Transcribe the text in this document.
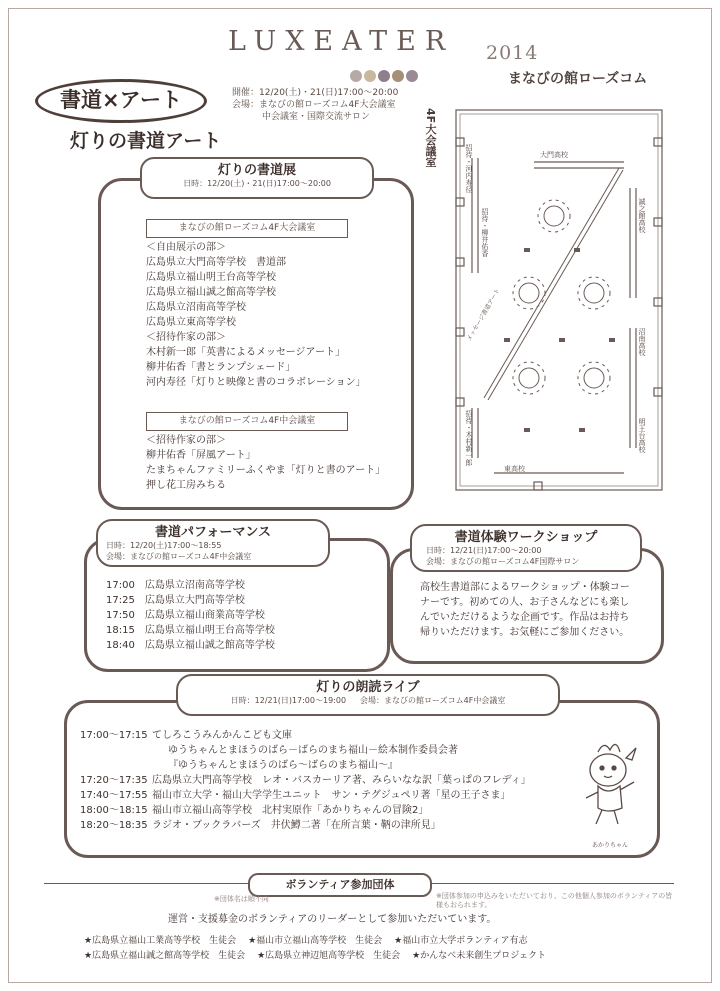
LUXEATER 2014
まなびの館ローズコム
書道×アート	開催：12/20(土)・21(日)17:00～20:00
会場：まなびの館ローズコム4F大会議室
中会議室・国際交流サロン
灯りの書道アート
灯りの書道展
日時：12/20(土)・21(日)17:00～20:00
まなびの館ローズコム4F大会議室
＜自由展示の部＞
広島県立大門高等学校　書道部
広島県立福山明王台高等学校
広島県立福山誠之館高等学校
広島県立沼南高等学校
広島県立東高等学校
＜招待作家の部＞
木村新一郎「英書によるメッセージアート」
柳井佑香「書とランプシェード」
河内寿径「灯りと映像と書のコラボレーション」
まなびの館ローズコム4F中会議室
＜招待作家の部＞
柳井佑香「屏風アート」
たまちゃんファミリーふくやま「灯りと書のアート」
押し花工房みちる
4F大会議室
招待・河内寿径	大門高校
誠之館高校
招待・柳井佑香
メッセージ書道アート	沼南高校
明王台高校
招待・木村新一郎
東高校
書道パフォーマンス
日時：12/20(土)17:00～18:55
会場：まなびの館ローズコム4F中会議室
17:00 広島県立沼南高等学校
17:25 広島県立大門高等学校
17:50 広島県立福山商業高等学校
18:15 広島県立福山明王台高等学校
18:40 広島県立福山誠之館高等学校
書道体験ワークショップ
日時：12/21(日)17:00～20:00
会場：まなびの館ローズコム4F国際サロン
高校生書道部によるワークショップ・体験コー
ナーです。初めての人、お子さんなどにも楽し
んでいただけるような企画です。作品はお持ち
帰りいただけます。お気軽にご参加ください。
灯りの朗読ライブ
日時：12/21(日)17:00～19:00 会場：まなびの館ローズコム4F中会議室
17:00～17:15 てしろこうみんかんこども文庫
ゆうちゃんとまほうのばら－ばらのまち福山－絵本制作委員会著
『ゆうちゃんとまほうのばら～ばらのまち福山～』
17:20～17:35 広島県立大門高等学校　レオ・バスカーリア著、みらいなな訳「葉っぱのフレディ」
17:40～17:55 福山市立大学・福山大学学生ユニット　サン・テグジュペリ著「星の王子さま」
18:00～18:15 福山市立福山高等学校　北村実原作「あかりちゃんの冒険2」
18:20～18:35 ラジオ・ブックラバーズ　井伏鱒二著「在所言葉・鞆の津所見」
あかりちゃん
ボランティア参加団体
※団体名は順不同	※団体参加の申込みをいただいており、この他個人参加のボランティアの皆様もおられます。
運営・支援募金のボランティアのリーダーとして参加いただいています。
★広島県立福山工業高等学校　生徒会 ★福山市立福山高等学校　生徒会 ★福山市立大学ボランティア有志
★広島県立福山誠之館高等学校　生徒会 ★広島県立神辺旭高等学校　生徒会 ★かんなべ未来創生プロジェクト
